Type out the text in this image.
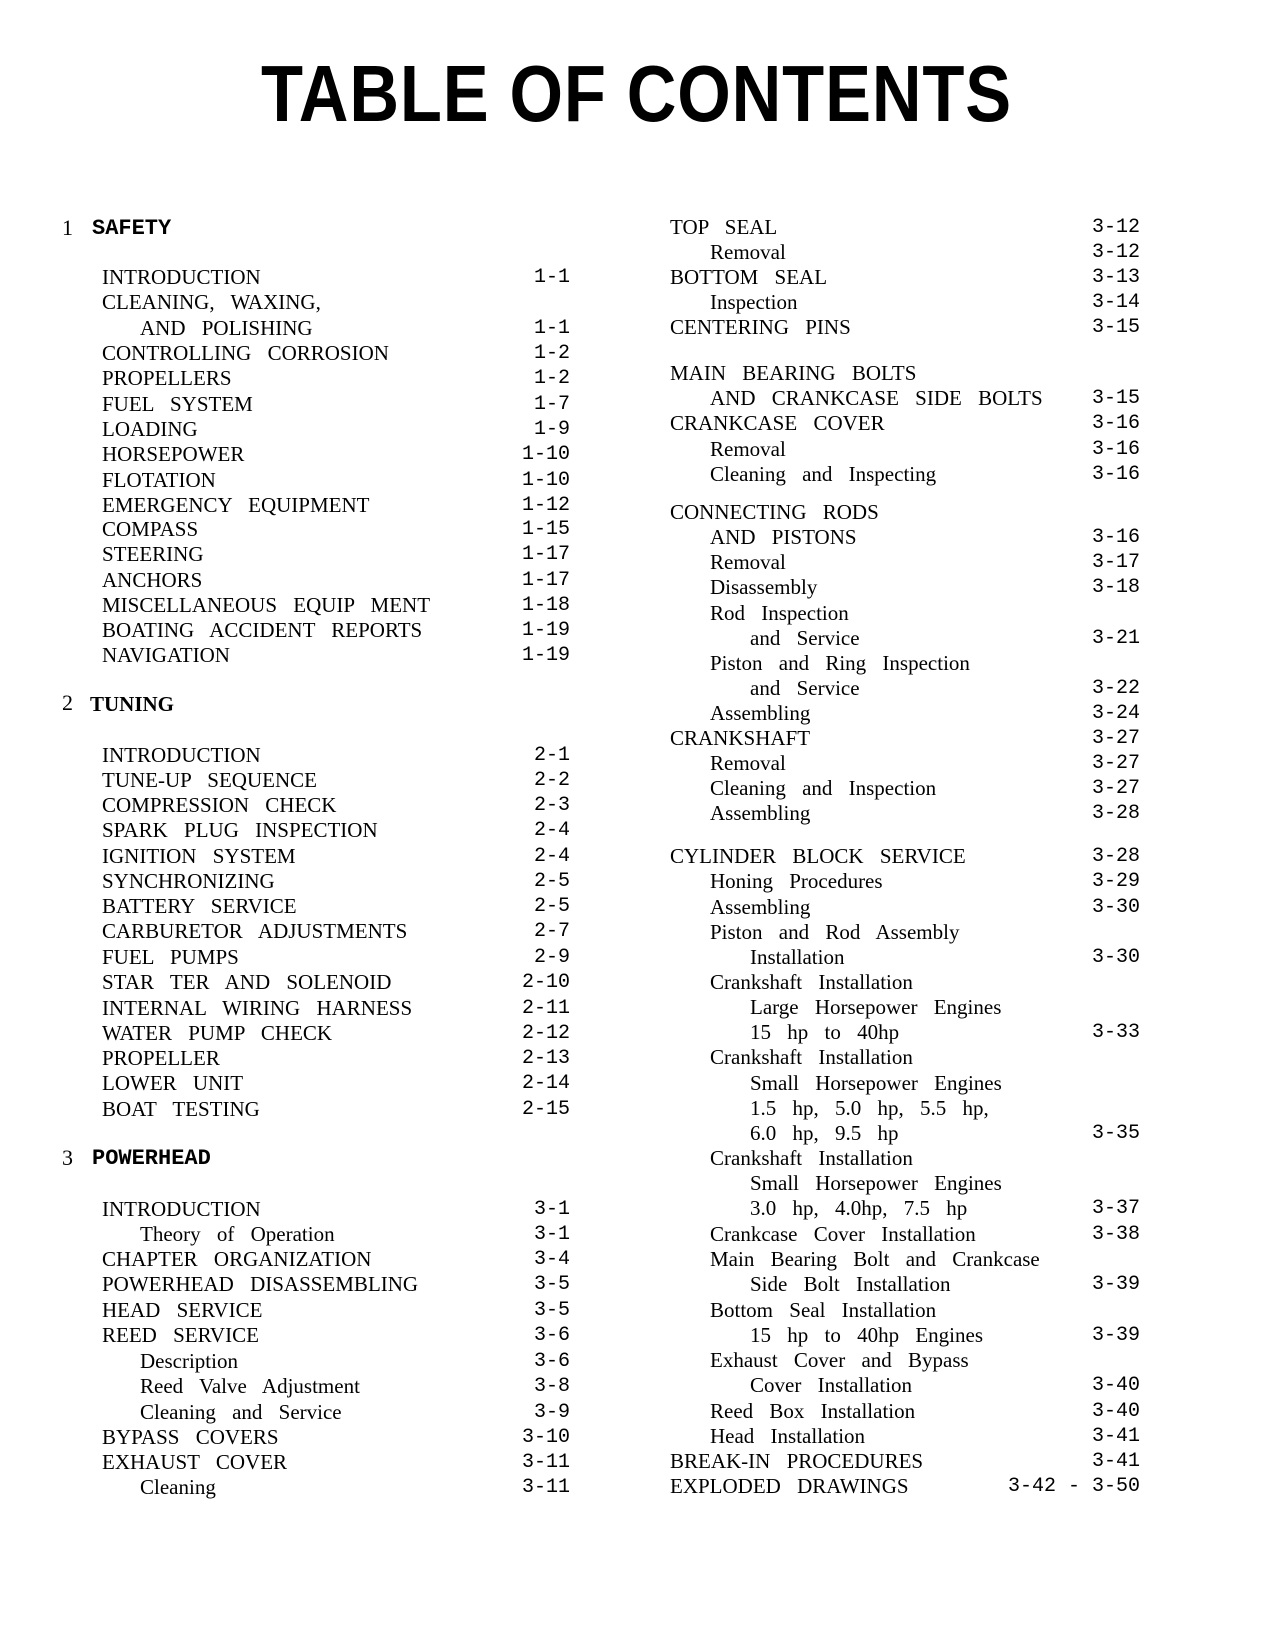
TABLE OF CONTENTS
1 SAFETY
INTRODUCTION	1-1
CLEANING, WAXING,
AND POLISHING	1-1
CONTROLLING CORROSION	1-2
PROPELLERS	1-2
FUEL SYSTEM	1-7
LOADING	1-9
HORSEPOWER	1-10
FLOTATION	1-10
EMERGENCY EQUIPMENT	1-12
COMPASS	1-15
STEERING	1-17
ANCHORS	1-17
MISCELLANEOUS EQUIP MENT	1-18
BOATING ACCIDENT REPORTS	1-19
NAVIGATION	1-19
2 TUNING
INTRODUCTION	2-1
TUNE-UP SEQUENCE	2-2
COMPRESSION CHECK	2-3
SPARK PLUG INSPECTION	2-4
IGNITION SYSTEM	2-4
SYNCHRONIZING	2-5
BATTERY SERVICE	2-5
CARBURETOR ADJUSTMENTS	2-7
FUEL PUMPS	2-9
STAR TER AND SOLENOID	2-10
INTERNAL WIRING HARNESS	2-11
WATER PUMP CHECK	2-12
PROPELLER	2-13
LOWER UNIT	2-14
BOAT TESTING	2-15
3 POWERHEAD
INTRODUCTION	3-1
Theory of Operation	3-1
CHAPTER ORGANIZATION	3-4
POWERHEAD DISASSEMBLING	3-5
HEAD SERVICE	3-5
REED SERVICE	3-6
Description	3-6
Reed Valve Adjustment	3-8
Cleaning and Service	3-9
BYPASS COVERS	3-10
EXHAUST COVER	3-11
Cleaning	3-11
TOP SEAL	3-12
Removal	3-12
BOTTOM SEAL	3-13
Inspection	3-14
CENTERING PINS	3-15
MAIN BEARING BOLTS
AND CRANKCASE SIDE BOLTS 3-15
CRANKCASE COVER	3-16
Removal	3-16
Cleaning and Inspecting	3-16
CONNECTING RODS
AND PISTONS	3-16
Removal	3-17
Disassembly	3-18
Rod Inspection
and Service	3-21
Piston and Ring Inspection
and Service	3-22
Assembling	3-24
CRANKSHAFT	3-27
Removal	3-27
Cleaning and Inspection	3-27
Assembling	3-28
CYLINDER BLOCK SERVICE	3-28
Honing Procedures	3-29
Assembling	3-30
Piston and Rod Assembly
Installation	3-30
Crankshaft Installation
Large Horsepower Engines
15 hp to 40hp	3-33
Crankshaft Installation
Small Horsepower Engines
1.5 hp, 5.0 hp, 5.5 hp,
6.0 hp, 9.5 hp	3-35
Crankshaft Installation
Small Horsepower Engines
3.0 hp, 4.0hp, 7.5 hp	3-37
Crankcase Cover Installation	3-38
Main Bearing Bolt and Crankcase
Side Bolt Installation	3-39
Bottom Seal Installation
15 hp to 40hp Engines	3-39
Exhaust Cover and Bypass
Cover Installation	3-40
Reed Box Installation	3-40
Head Installation	3-41
BREAK-IN PROCEDURES	3-41
EXPLODED DRAWINGS	3-42 - 3-50
